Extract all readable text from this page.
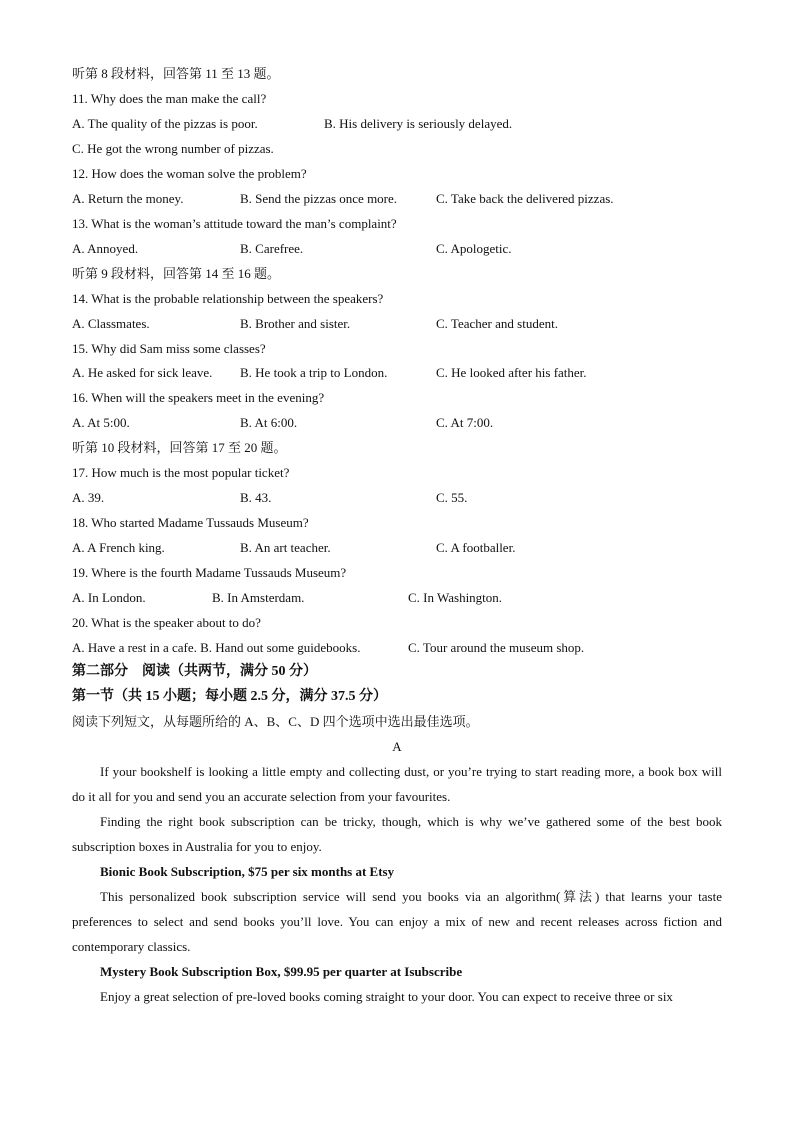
听第 8 段材料，回答第 11 至 13 题。
11. Why does the man make the call?
A. The quality of the pizzas is poor.	B. His delivery is seriously delayed.
C. He got the wrong number of pizzas.
12. How does the woman solve the problem?
A. Return the money.	B. Send the pizzas once more.	C. Take back the delivered pizzas.
13. What is the woman’s attitude toward the man’s complaint?
A. Annoyed.	B. Carefree.	C. Apologetic.
听第 9 段材料，回答第 14 至 16 题。
14. What is the probable relationship between the speakers?
A. Classmates.	B. Brother and sister.	C. Teacher and student.
15. Why did Sam miss some classes?
A. He asked for sick leave. B. He took a trip to London.	C. He looked after his father.
16. When will the speakers meet in the evening?
A. At 5:00.	B. At 6:00.	C. At 7:00.
听第 10 段材料，回答第 17 至 20 题。
17. How much is the most popular ticket?
A. 39.	B. 43.	C. 55.
18. Who started Madame Tussauds Museum?
A. A French king.	B. An art teacher.	C. A footballer.
19. Where is the fourth Madame Tussauds Museum?
A. In London.	B. In Amsterdam.	C. In Washington.
20. What is the speaker about to do?
A. Have a rest in a cafe. B. Hand out some guidebooks.	C. Tour around the museum shop.
第二部分　阅读（共两节，满分 50 分）
第一节（共 15 小题；每小题 2.5 分，满分 37.5 分）
阅读下列短文，从每题所给的 A、B、C、D 四个选项中选出最佳选项。
A

If your bookshelf is looking a little empty and collecting dust, or you’re trying to start reading more, a book box will do it all for you and send you an accurate selection from your favourites.

Finding the right book subscription can be tricky, though, which is why we’ve gathered some of the best book subscription boxes in Australia for you to enjoy.

Bionic Book Subscription, $75 per six months at Etsy

This personalized book subscription service will send you books via an algorithm(算法) that learns your taste preferences to select and send books you’ll love. You can enjoy a mix of new and recent releases across fiction and contemporary classics.

Mystery Book Subscription Box, $99.95 per quarter at Isubscribe

Enjoy a great selection of pre-loved books coming straight to your door. You can expect to receive three or six
